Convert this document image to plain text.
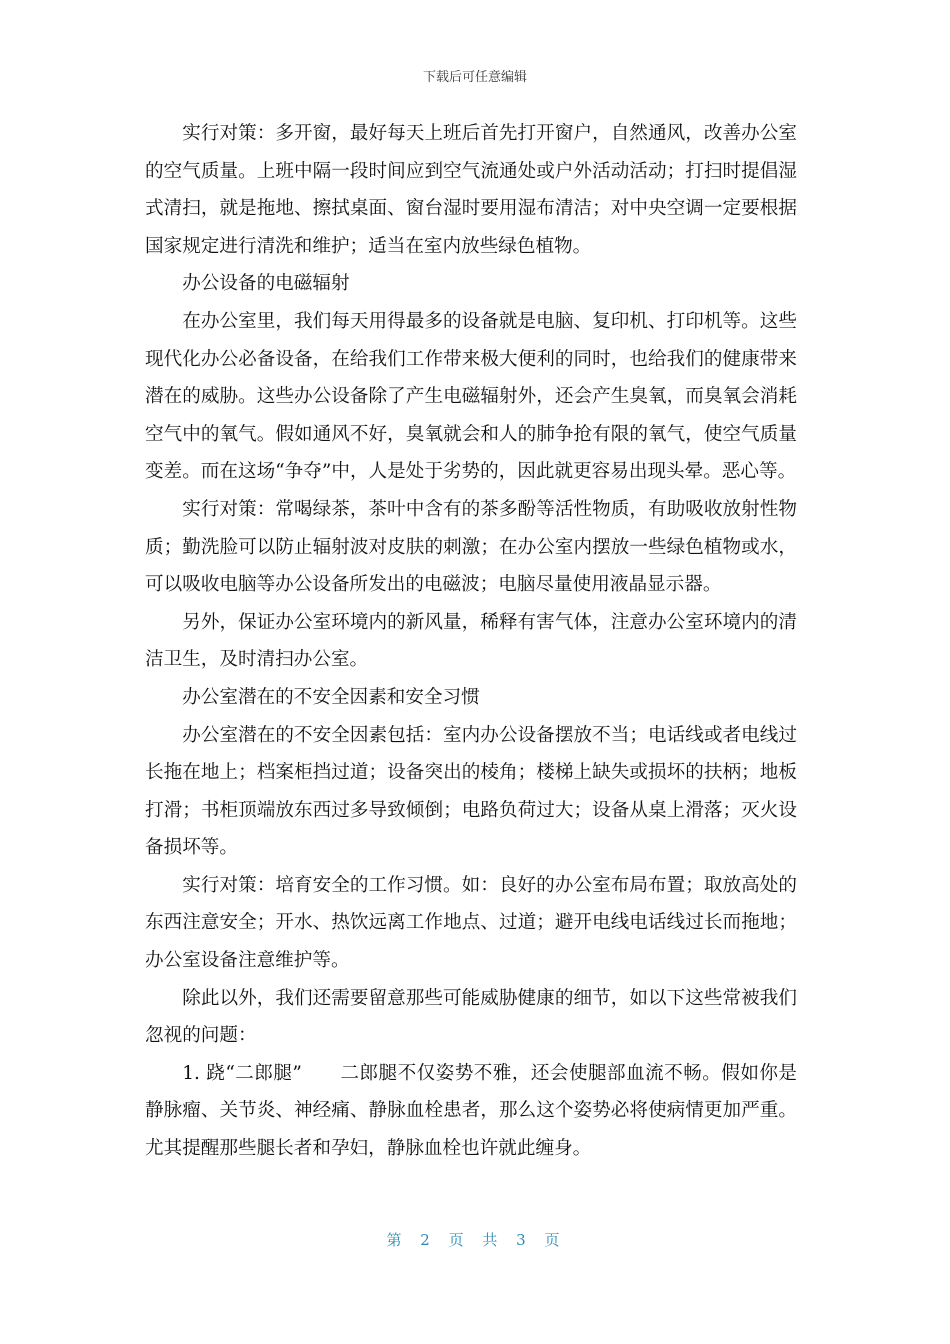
下载后可任意编辑

实行对策：多开窗，最好每天上班后首先打开窗户，自然通风，改善办公室的空气质量。上班中隔一段时间应到空气流通处或户外活动活动；打扫时提倡湿式清扫，就是拖地、擦拭桌面、窗台湿时要用湿布清洁；对中央空调一定要根据国家规定进行清洗和维护；适当在室内放些绿色植物。

办公设备的电磁辐射

在办公室里，我们每天用得最多的设备就是电脑、复印机、打印机等。这些现代化办公必备设备，在给我们工作带来极大便利的同时，也给我们的健康带来潜在的威胁。这些办公设备除了产生电磁辐射外，还会产生臭氧，而臭氧会消耗空气中的氧气。假如通风不好，臭氧就会和人的肺争抢有限的氧气，使空气质量变差。而在这场“争夺”中，人是处于劣势的，因此就更容易出现头晕。恶心等。

实行对策：常喝绿茶，茶叶中含有的茶多酚等活性物质，有助吸收放射性物质；勤洗脸可以防止辐射波对皮肤的刺激；在办公室内摆放一些绿色植物或水，可以吸收电脑等办公设备所发出的电磁波；电脑尽量使用液晶显示器。

另外，保证办公室环境内的新风量，稀释有害气体，注意办公室环境内的清洁卫生，及时清扫办公室。

办公室潜在的不安全因素和安全习惯

办公室潜在的不安全因素包括：室内办公设备摆放不当；电话线或者电线过长拖在地上；档案柜挡过道；设备突出的棱角；楼梯上缺失或损坏的扶柄；地板打滑；书柜顶端放东西过多导致倾倒；电路负荷过大；设备从桌上滑落；灭火设备损坏等。

实行对策：培育安全的工作习惯。如：良好的办公室布局布置；取放高处的东西注意安全；开水、热饮远离工作地点、过道；避开电线电话线过长而拖地；办公室设备注意维护等。

除此以外，我们还需要留意那些可能威胁健康的细节，如以下这些常被我们忽视的问题：

1. 跷“二郎腿”　　二郎腿不仅姿势不雅，还会使腿部血流不畅。假如你是静脉瘤、关节炎、神经痛、静脉血栓患者，那么这个姿势必将使病情更加严重。尤其提醒那些腿长者和孕妇，静脉血栓也许就此缠身。

第 2 页 共 3 页
